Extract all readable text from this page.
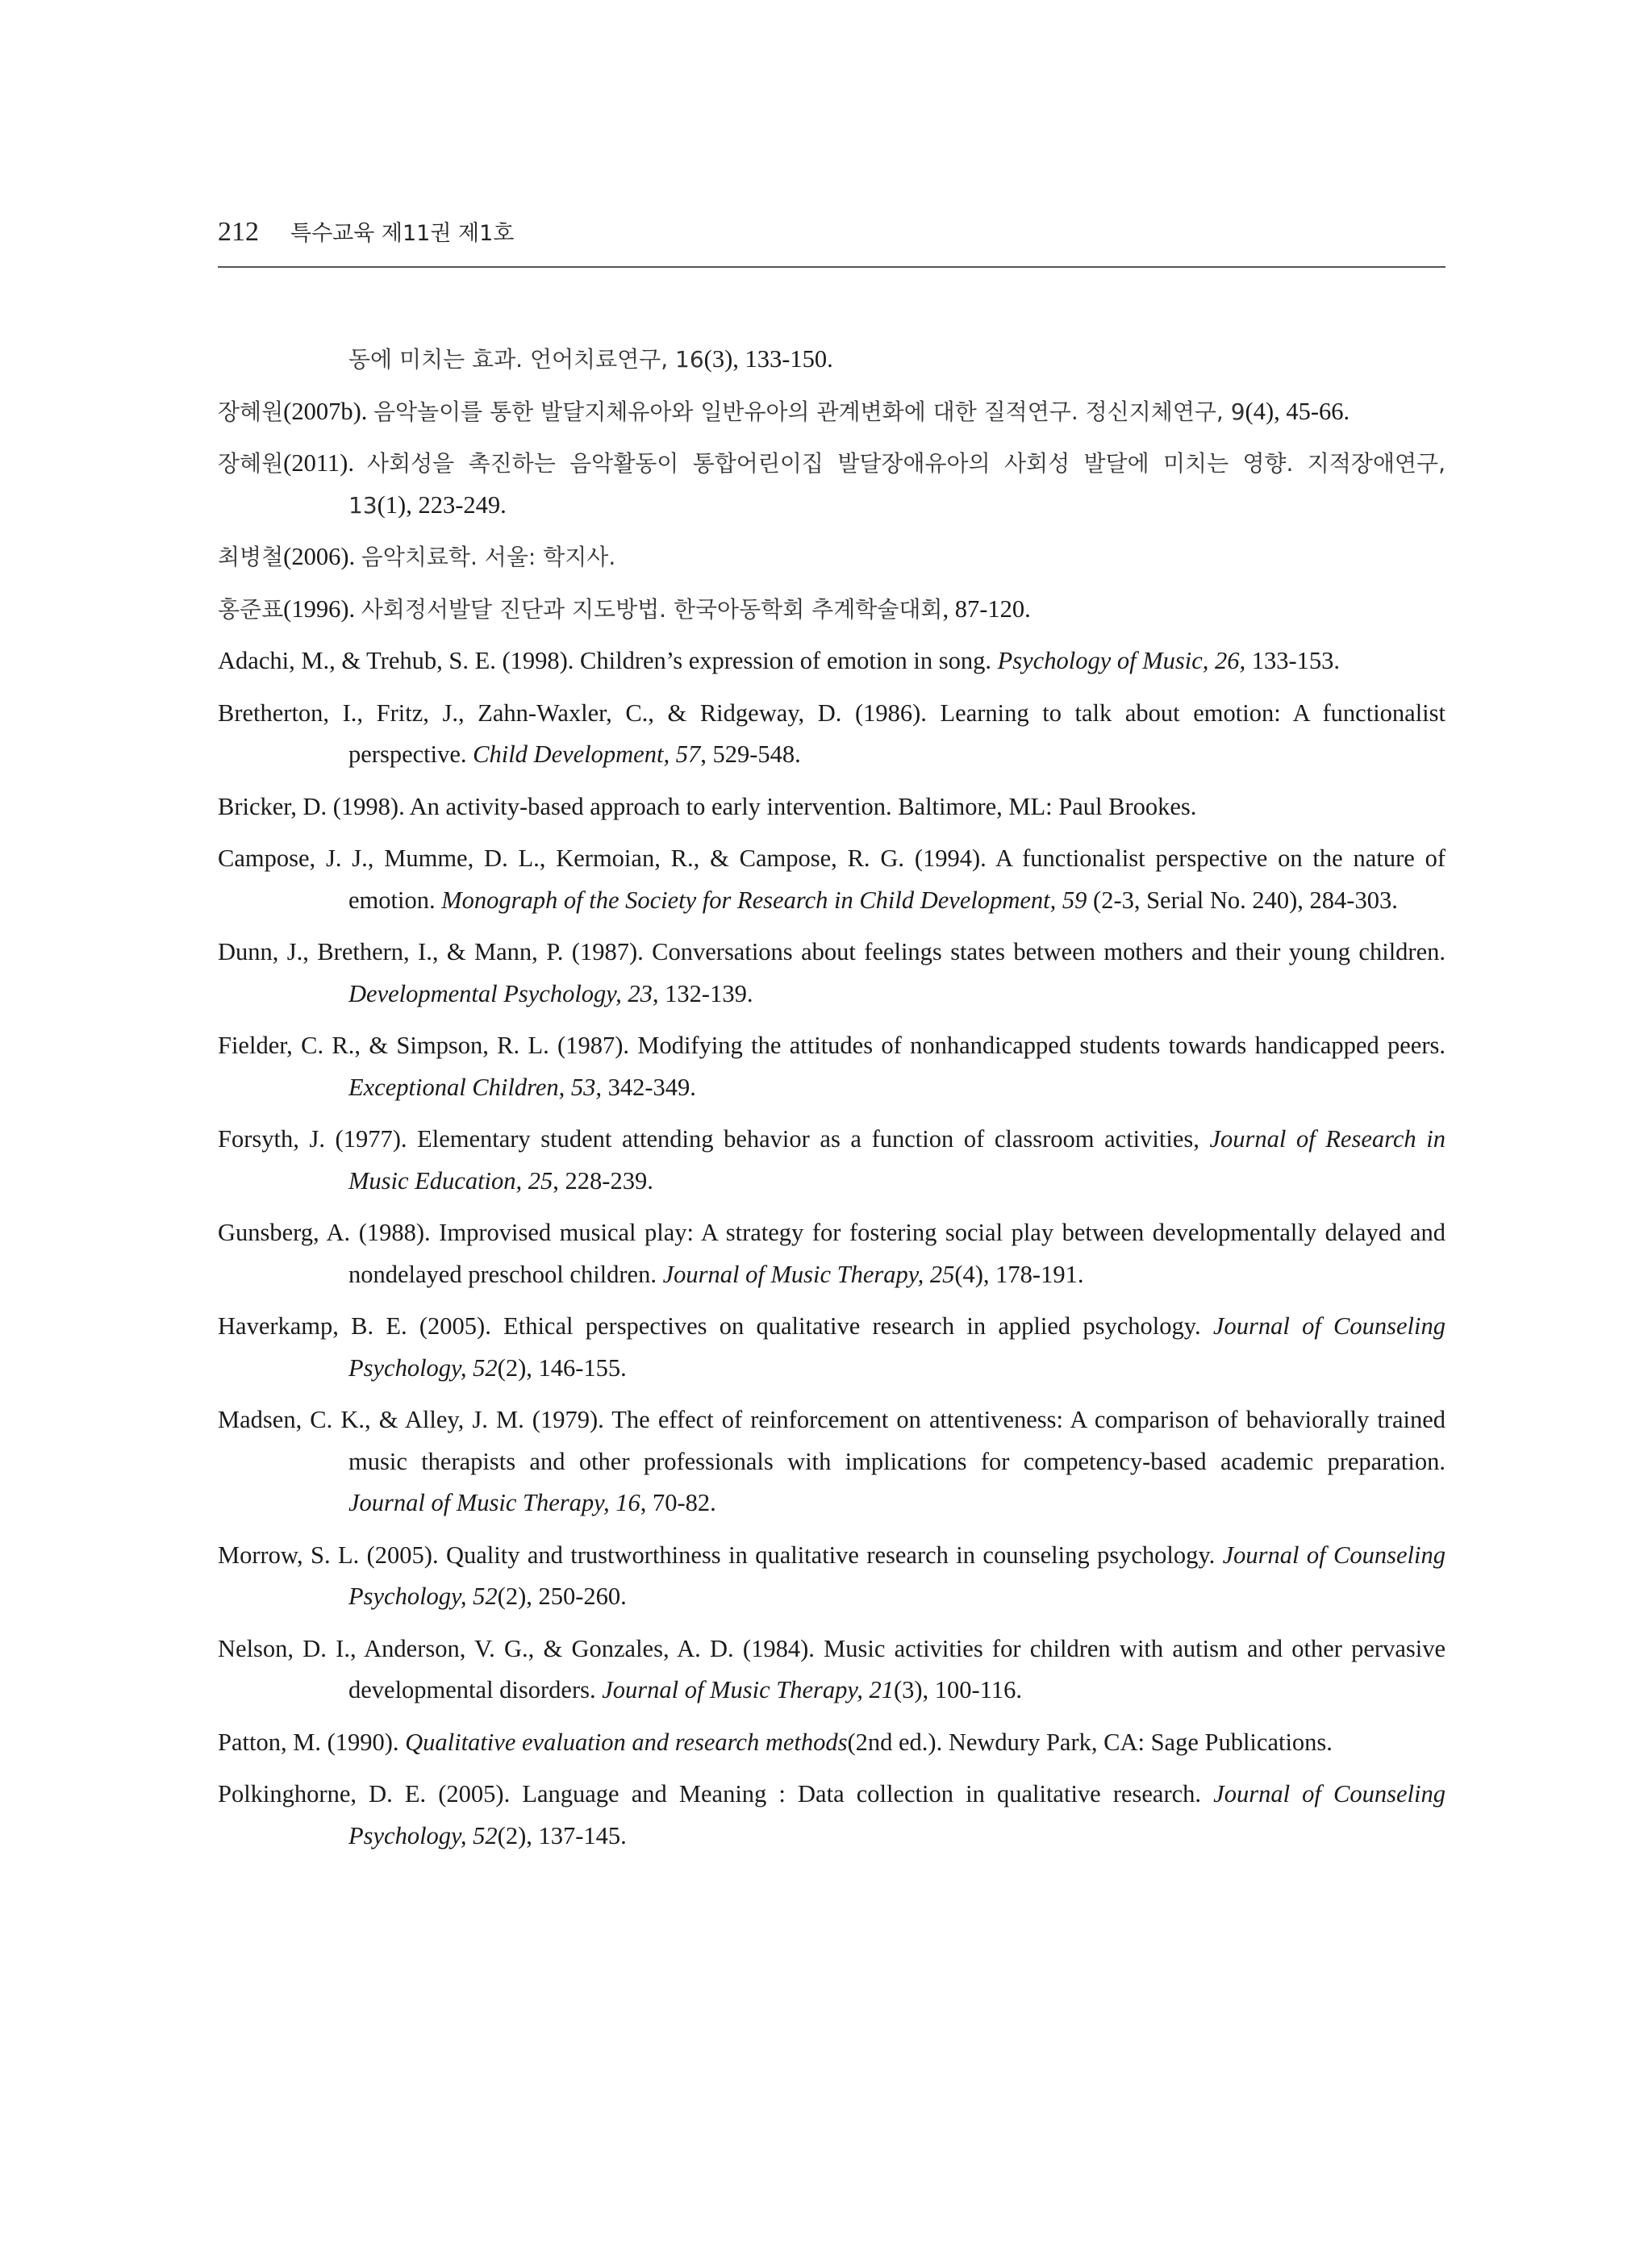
212 특수교육 제11권 제1호

동에 미치는 효과. 언어치료연구, 16(3), 133-150.

장혜원(2007b). 음악놀이를 통한 발달지체유아와 일반유아의 관계변화에 대한 질적연구. 정신지체연구, 9(4), 45-66.

장혜원(2011). 사회성을 촉진하는 음악활동이 통합어린이집 발달장애유아의 사회성 발달에 미치는 영향. 지적장애연구, 13(1), 223-249.

최병철(2006). 음악치료학. 서울: 학지사.

홍준표(1996). 사회정서발달 진단과 지도방법. 한국아동학회 추계학술대회, 87-120.

Adachi, M., & Trehub, S. E. (1998). Children’s expression of emotion in song. Psychology of Music, 26, 133-153.

Bretherton, I., Fritz, J., Zahn-Waxler, C., & Ridgeway, D. (1986). Learning to talk about emotion: A functionalist perspective. Child Development, 57, 529-548.

Bricker, D. (1998). An activity-based approach to early intervention. Baltimore, ML: Paul Brookes.

Campose, J. J., Mumme, D. L., Kermoian, R., & Campose, R. G. (1994). A functionalist perspective on the nature of emotion. Monograph of the Society for Research in Child Development, 59 (2-3, Serial No. 240), 284-303.

Dunn, J., Brethern, I., & Mann, P. (1987). Conversations about feelings states between mothers and their young children. Developmental Psychology, 23, 132-139.

Fielder, C. R., & Simpson, R. L. (1987). Modifying the attitudes of nonhandicapped students towards handicapped peers. Exceptional Children, 53, 342-349.

Forsyth, J. (1977). Elementary student attending behavior as a function of classroom activities, Journal of Research in Music Education, 25, 228-239.

Gunsberg, A. (1988). Improvised musical play: A strategy for fostering social play between developmentally delayed and nondelayed preschool children. Journal of Music Therapy, 25(4), 178-191.

Haverkamp, B. E. (2005). Ethical perspectives on qualitative research in applied psychology. Journal of Counseling Psychology, 52(2), 146-155.

Madsen, C. K., & Alley, J. M. (1979). The effect of reinforcement on attentiveness: A comparison of behaviorally trained music therapists and other professionals with implications for competency-based academic preparation. Journal of Music Therapy, 16, 70-82.

Morrow, S. L. (2005). Quality and trustworthiness in qualitative research in counseling psychology. Journal of Counseling Psychology, 52(2), 250-260.

Nelson, D. I., Anderson, V. G., & Gonzales, A. D. (1984). Music activities for children with autism and other pervasive developmental disorders. Journal of Music Therapy, 21(3), 100-116.

Patton, M. (1990). Qualitative evaluation and research methods(2nd ed.). Newdury Park, CA: Sage Publications.

Polkinghorne, D. E. (2005). Language and Meaning : Data collection in qualitative research. Journal of Counseling Psychology, 52(2), 137-145.
